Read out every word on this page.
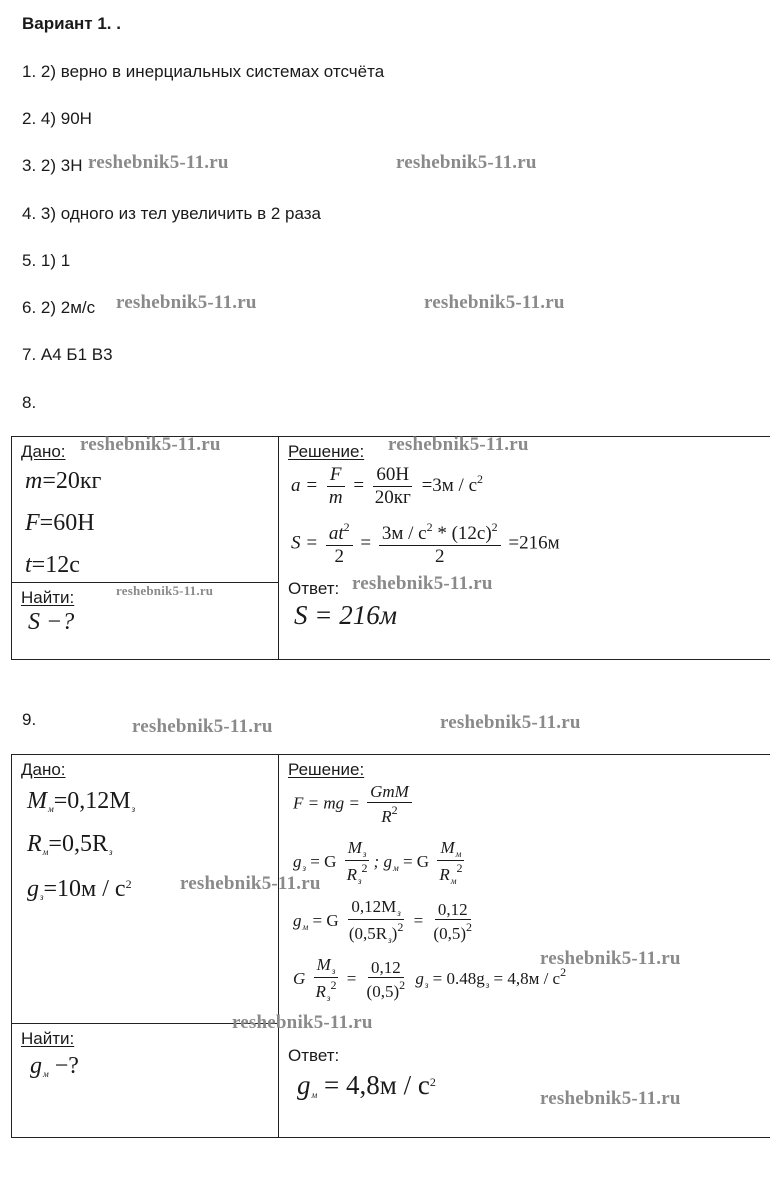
Вариант 1. .
1. 2) верно в инерциальных системах отсчёта
2. 4) 90Н
3. 2) 3Н
4. 3) одного из тел увеличить в 2 раза
5. 1) 1
6. 2) 2м/с
7. А4 Б1 В3
8.
Дано:
m=20кг
F=60H
t=12c
Найти:
S −?
Решение:
$a = \frac{F}{m} = \frac{60H}{20кг} =3м / c^2$
$S = \frac{at^2}{2} = \frac{3м / c^2 * (12c)^2}{2} =216м$
Ответ:
S = 216м
9.
Дано:
$M_м=0,12M_з$
$R_м=0,5R_з$
$g_з=10м / c^2$
Найти:
$g_м$ −?
Решение:
F = mg = $\frac{\text{GmM}}{R^2}$
$g_з = G \frac{M_з}{R_з^2}$ ; $g_м = G \frac{M_м}{R_м^2}$
$g_м = G \frac{0,12M_з}{(0,5R_з)^2} = \frac{0,12}{(0,5)^2}$
G $\frac{M_з}{R_з^2} = \frac{0,12}{(0,5)^2} g_з = 0.48g_з = 4,8м / c^2$
Ответ:
$g_м = 4,8м / c^2$
reshebnik5-11.ru	reshebnik5-11.ru
reshebnik5-11.ru	reshebnik5-11.ru
reshebnik5-11.ru	reshebnik5-11.ru
reshebnik5-11.ru	reshebnik5-11.ru
reshebnik5-11.ru	reshebnik5-11.ru
reshebnik5-11.ru
reshebnik5-11.ru
reshebnik5-11.ru
reshebnik5-11.ru
